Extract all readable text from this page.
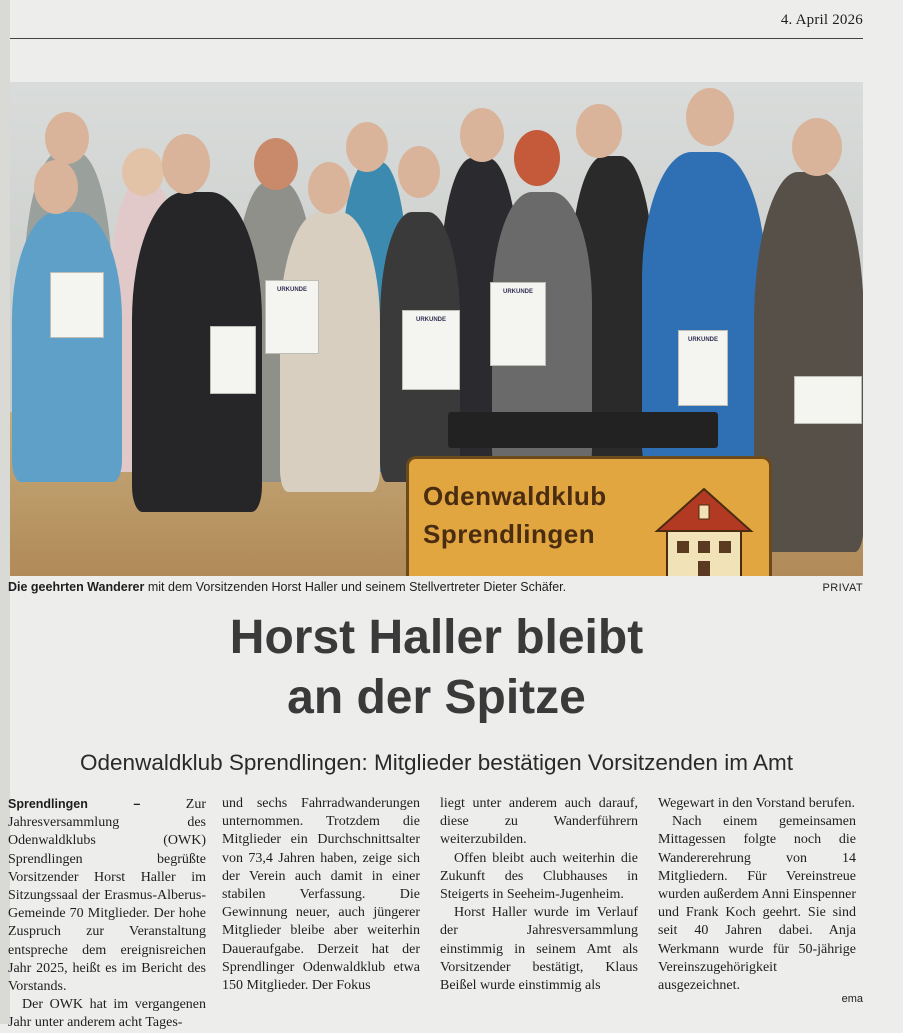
4. April 2026
URKUNDE
URKUNDE
URKUNDE
URKUNDE
Odenwaldklub
Sprendlingen
Die geehrten Wanderer mit dem Vorsitzenden Horst Haller und seinem Stellvertreter Dieter Schäfer.	PRIVAT
Horst Haller bleibt
an der Spitze
Odenwaldklub Sprendlingen: Mitglieder bestätigen Vorsitzenden im Amt

Sprendlingen – Zur Jahresversammlung des Odenwaldklubs (OWK) Sprendlingen begrüßte Vorsitzender Horst Haller im Sitzungssaal der Erasmus-Alberus-Gemeinde 70 Mitglieder. Der hohe Zuspruch zur Veranstaltung entspreche dem ereignisreichen Jahr 2025, heißt es im Bericht des Vorstands.

Der OWK hat im vergangenen Jahr unter anderem acht Tages-

und sechs Fahrradwanderungen unternommen. Trotzdem die Mitglieder ein Durchschnittsalter von 73,4 Jahren haben, zeige sich der Verein auch damit in einer stabilen Verfassung. Die Gewinnung neuer, auch jüngerer Mitglieder bleibe aber weiterhin Daueraufgabe. Derzeit hat der Sprendlinger Odenwaldklub etwa 150 Mitglieder. Der Fokus

liegt unter anderem auch darauf, diese zu Wanderführern weiterzubilden.

Offen bleibt auch weiterhin die Zukunft des Clubhauses in Steigerts in Seeheim-Jugenheim.

Horst Haller wurde im Verlauf der Jahresversammlung einstimmig in seinem Amt als Vorsitzender bestätigt, Klaus Beißel wurde einstimmig als

Wegewart in den Vorstand berufen.

Nach einem gemeinsamen Mittagessen folgte noch die Wandererehrung von 14 Mitgliedern. Für Vereinstreue wurden außerdem Anni Einspenner und Frank Koch geehrt. Sie sind seit 40 Jahren dabei. Anja Werkmann wurde für 50-jährige Vereinszugehörigkeit ausgezeichnet.

ema
